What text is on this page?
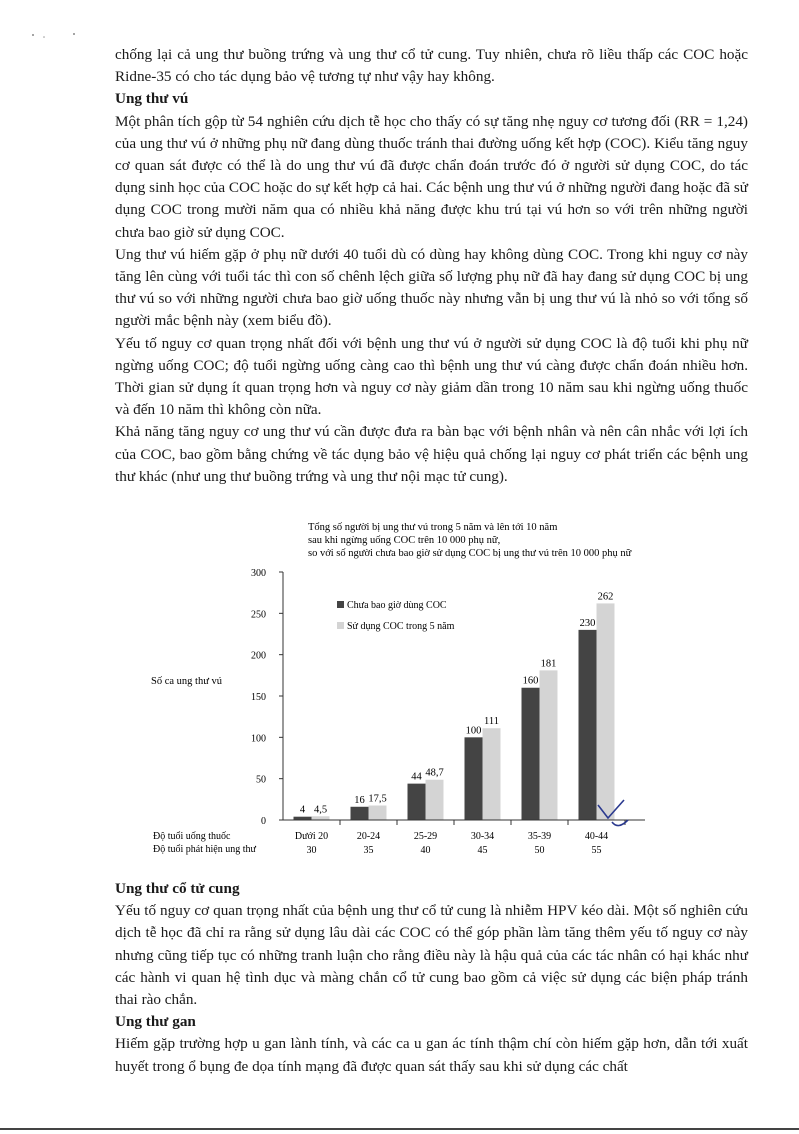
chống lại cả ung thư buồng trứng và ung thư cổ tử cung. Tuy nhiên, chưa rõ liều thấp các COC hoặc Ridne-35 có cho tác dụng bảo vệ tương tự như vậy hay không.

Ung thư vú

Một phân tích gộp từ 54 nghiên cứu dịch tễ học cho thấy có sự tăng nhẹ nguy cơ tương đối (RR = 1,24) của ung thư vú ở những phụ nữ đang dùng thuốc tránh thai đường uống kết hợp (COC). Kiểu tăng nguy cơ quan sát được có thể là do ung thư vú đã được chẩn đoán trước đó ở người sử dụng COC, do tác dụng sinh học của COC hoặc do sự kết hợp cả hai. Các bệnh ung thư vú ở những người đang hoặc đã sử dụng COC trong mười năm qua có nhiều khả năng được khu trú tại vú hơn so với trên những người chưa bao giờ sử dụng COC.

Ung thư vú hiếm gặp ở phụ nữ dưới 40 tuổi dù có dùng hay không dùng COC. Trong khi nguy cơ này tăng lên cùng với tuổi tác thì con số chênh lệch giữa số lượng phụ nữ đã hay đang sử dụng COC bị ung thư vú so với những người chưa bao giờ uống thuốc này nhưng vẫn bị ung thư vú là nhỏ so với tổng số người mắc bệnh này (xem biểu đồ).

Yếu tố nguy cơ quan trọng nhất đối với bệnh ung thư vú ở người sử dụng COC là độ tuổi khi phụ nữ ngừng uống COC; độ tuổi ngừng uống càng cao thì bệnh ung thư vú càng được chẩn đoán nhiều hơn. Thời gian sử dụng ít quan trọng hơn và nguy cơ này giảm dần trong 10 năm sau khi ngừng uống thuốc và đến 10 năm thì không còn nữa.

Khả năng tăng nguy cơ ung thư vú cần được đưa ra bàn bạc với bệnh nhân và nên cân nhắc với lợi ích của COC, bao gồm bằng chứng về tác dụng bảo vệ hiệu quả chống lại nguy cơ phát triển các bệnh ung thư khác (như ung thư buồng trứng và ung thư nội mạc tử cung).

Tổng số người bị ung thư vú trong 5 năm và lên tới 10 năm
sau khi ngừng uống COC trên 10 000 phụ nữ,
so với số người chưa bao giờ sử dụng COC bị ung thư vú trên 10 000 phụ nữ
Số ca ung thư vú
0
50
100
150
200
250
300
4 4,5
16 17,5
44 48,7
100
111
160
181
230
262
Dưới 20
30
20-24
35
25-29
40
30-34
45
35-39
50
40-44
55
Chưa bao giờ dùng COC
Sử dụng COC trong 5 năm
Độ tuổi uống thuốc
Độ tuổi phát hiện ung thư
Ung thư cổ tử cung

Yếu tố nguy cơ quan trọng nhất của bệnh ung thư cổ tử cung là nhiễm HPV kéo dài. Một số nghiên cứu dịch tễ học đã chỉ ra rằng sử dụng lâu dài các COC có thể góp phần làm tăng thêm yếu tố nguy cơ này nhưng cũng tiếp tục có những tranh luận cho rằng điều này là hậu quả của các tác nhân có hại khác như các hành vi quan hệ tình dục và màng chắn cổ tử cung bao gồm cả việc sử dụng các biện pháp tránh thai rào chắn.

Ung thư gan

Hiếm gặp trường hợp u gan lành tính, và các ca u gan ác tính thậm chí còn hiếm gặp hơn, dẫn tới xuất huyết trong ổ bụng đe dọa tính mạng đã được quan sát thấy sau khi sử dụng các chất
